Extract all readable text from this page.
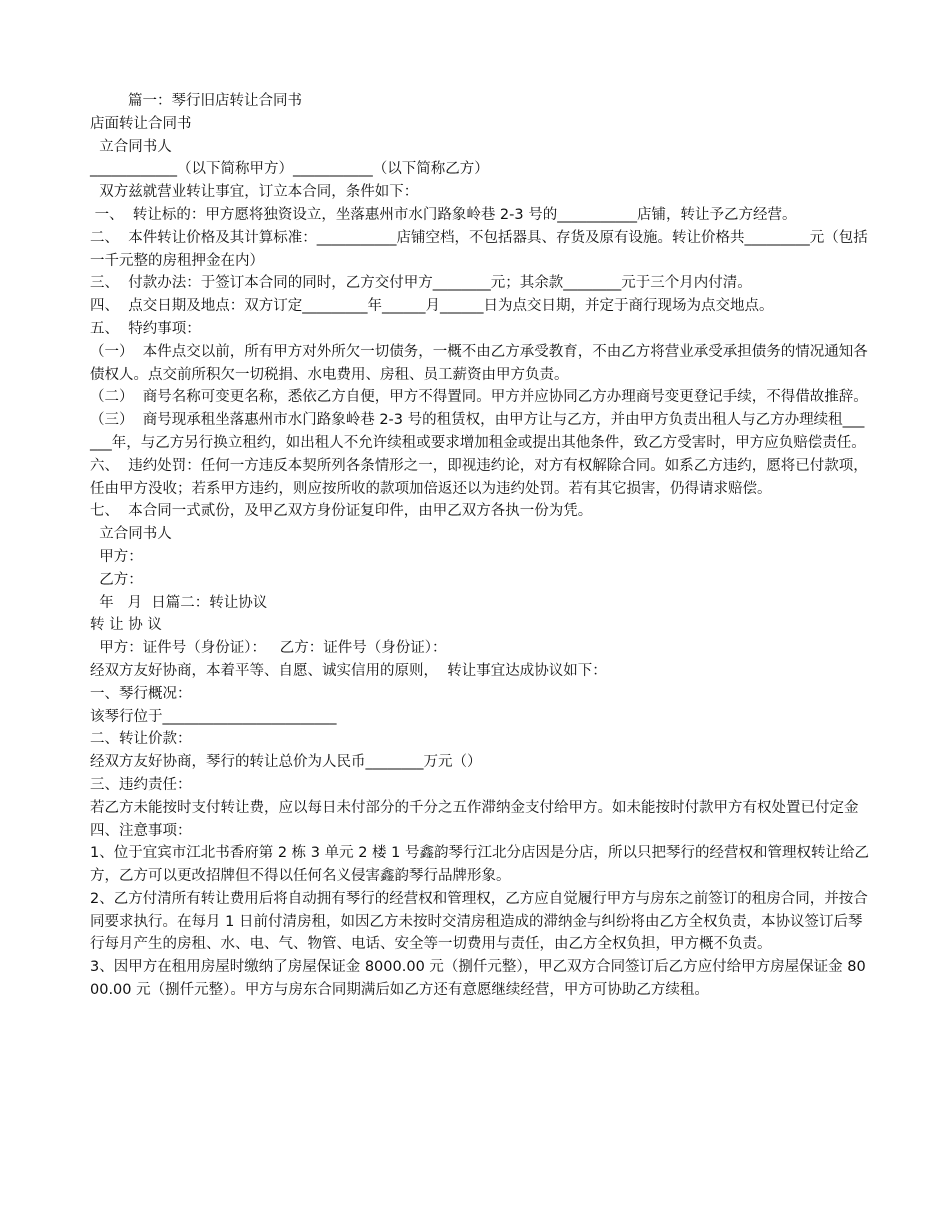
篇一：琴行旧店转让合同书

店面转让合同书

立合同书人

____________（以下简称甲方）___________（以下简称乙方）

双方兹就营业转让事宜，订立本合同，条件如下：

一、  转让标的：甲方愿将独资设立，坐落惠州市水门路象岭巷 2-3 号的___________店铺，转让予乙方经营。

二、  本件转让价格及其计算标准：___________店铺空档，不包括器具、存货及原有设施。转让价格共_________元（包括一千元整的房租押金在内）

三、  付款办法：于签订本合同的同时，乙方交付甲方________元；其余款________元于三个月内付清。

四、  点交日期及地点：双方订定_________年______月______日为点交日期，并定于商行现场为点交地点。

五、  特约事项：

（一）  本件点交以前，所有甲方对外所欠一切债务，一概不由乙方承受教育，不由乙方将营业承受承担债务的情况通知各债权人。点交前所积欠一切税捐、水电费用、房租、员工薪资由甲方负责。

（二）  商号名称可变更名称，悉依乙方自便，甲方不得置同。甲方并应协同乙方办理商号变更登记手续，不得借故推辞。

（三）  商号现承租坐落惠州市水门路象岭巷 2-3 号的租赁权，由甲方让与乙方，并由甲方负责出租人与乙方办理续租______年，与乙方另行换立租约，如出租人不允许续租或要求增加租金或提出其他条件，致乙方受害时，甲方应负赔偿责任。

六、  违约处罚：任何一方违反本契所列各条情形之一，即视违约论，对方有权解除合同。如系乙方违约，愿将已付款项，任由甲方没收；若系甲方违约，则应按所收的款项加倍返还以为违约处罚。若有其它损害，仍得请求赔偿。

七、  本合同一式贰份，及甲乙双方身份证复印件，由甲乙双方各执一份为凭。

立合同书人

甲方：

乙方：

年   月  日篇二：转让协议

转 让 协 议

甲方：证件号（身份证）：   乙方：证件号（身份证）：

经双方友好协商，本着平等、自愿、诚实信用的原则，  转让事宜达成协议如下：

一、琴行概况：

该琴行位于________________________

二、转让价款：

经双方友好协商，琴行的转让总价为人民币________万元（）

三、违约责任：

若乙方未能按时支付转让费，应以每日未付部分的千分之五作滞纳金支付给甲方。如未能按时付款甲方有权处置已付定金

四、注意事项：

1、位于宜宾市江北书香府第 2 栋 3 单元 2 楼 1 号鑫韵琴行江北分店因是分店，所以只把琴行的经营权和管理权转让给乙方，乙方可以更改招牌但不得以任何名义侵害鑫韵琴行品牌形象。

2、乙方付清所有转让费用后将自动拥有琴行的经营权和管理权，乙方应自觉履行甲方与房东之前签订的租房合同，并按合同要求执行。在每月 1 日前付清房租，如因乙方未按时交清房租造成的滞纳金与纠纷将由乙方全权负责，本协议签订后琴行每月产生的房租、水、电、气、物管、电话、安全等一切费用与责任，由乙方全权负担，甲方概不负责。

3、因甲方在租用房屋时缴纳了房屋保证金 8000.00 元（捌仟元整），甲乙双方合同签订后乙方应付给甲方房屋保证金 8000.00 元（捌仟元整）。甲方与房东合同期满后如乙方还有意愿继续经营，甲方可协助乙方续租。
